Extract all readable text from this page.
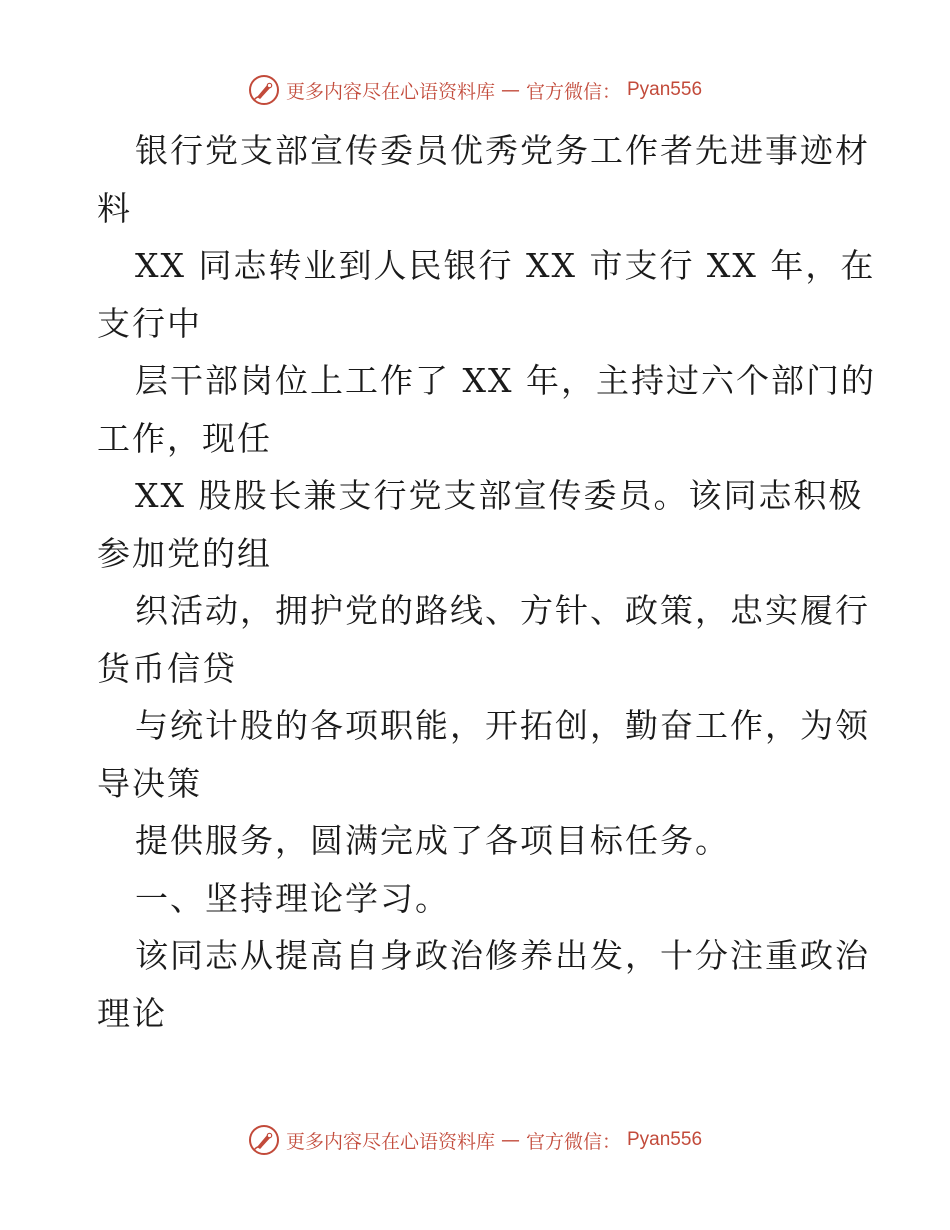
更多内容尽在心语资料库 — 官方微信： Pyan556
银行党支部宣传委员优秀党务工作者先进事迹材
料
XX 同志转业到人民银行 XX 市支行 XX 年，在
支行中
层干部岗位上工作了 XX 年，主持过六个部门的
工作，现任
XX 股股长兼支行党支部宣传委员。该同志积极
参加党的组
织活动，拥护党的路线、方针、政策，忠实履行
货币信贷
与统计股的各项职能，开拓创，勤奋工作，为领
导决策
提供服务，圆满完成了各项目标任务。
一、坚持理论学习。
该同志从提高自身政治修养出发，十分注重政治
理论
更多内容尽在心语资料库 — 官方微信： Pyan556
